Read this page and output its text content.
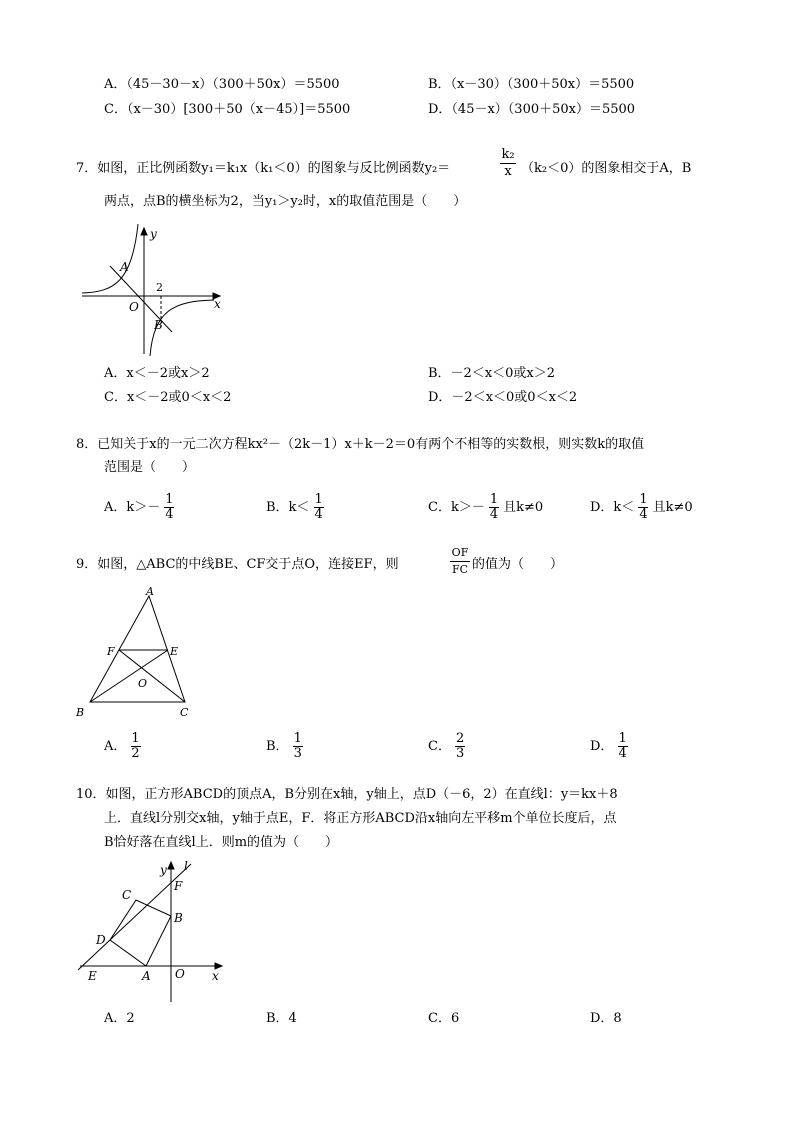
A．（45－30－x）（300＋50x）＝5500	B．（x－30）（300＋50x）＝5500
C．（x－30）[300＋50（x－45）]＝5500	D．（45－x）（300＋50x）＝5500
7．如图，正比例函数y₁＝k₁x（k₁＜0）的图象与反比例函数y₂＝
k₂
x （k₂＜0）的图象相交于A，B
两点，点B的横坐标为2，当y₁＞y₂时，x的取值范围是（　　）
y
x
O
A
B
2
A．x＜－2或x＞2	B．－2＜x＜0或x＞2
C．x＜－2或0＜x＜2	D．－2＜x＜0或0＜x＜2
8．已知关于x的一元二次方程kx²－（2k－1）x＋k－2＝0有两个不相等的实数根，则实数k的取值
范围是（　　）
A．$k>- \frac{1}{4}$	B．$k< \frac{1}{4}$	C．$k>- \frac{1}{4}$ 且k≠0	D．$k< \frac{1}{4}$ 且k≠0
9．如图，△ABC的中线BE、CF交于点O，连接EF，则
OF
FC 的值为（　　）
A
B	C
E
F
O
A． $\frac{1}{2}$	B． $\frac{1}{3}$	C． $\frac{2}{3}$	D． $\frac{1}{4}$
10．如图，正方形ABCD的顶点A，B分别在x轴，y轴上，点D（－6，2）在直线l：y＝kx＋8
上．直线l分别交x轴，y轴于点E，F．将正方形ABCD沿x轴向左平移m个单位长度后，点
B恰好落在直线l上．则m的值为（　　）
y l
F
C
B
D
E	A O x
A．2	B．4	C．6	D．8
